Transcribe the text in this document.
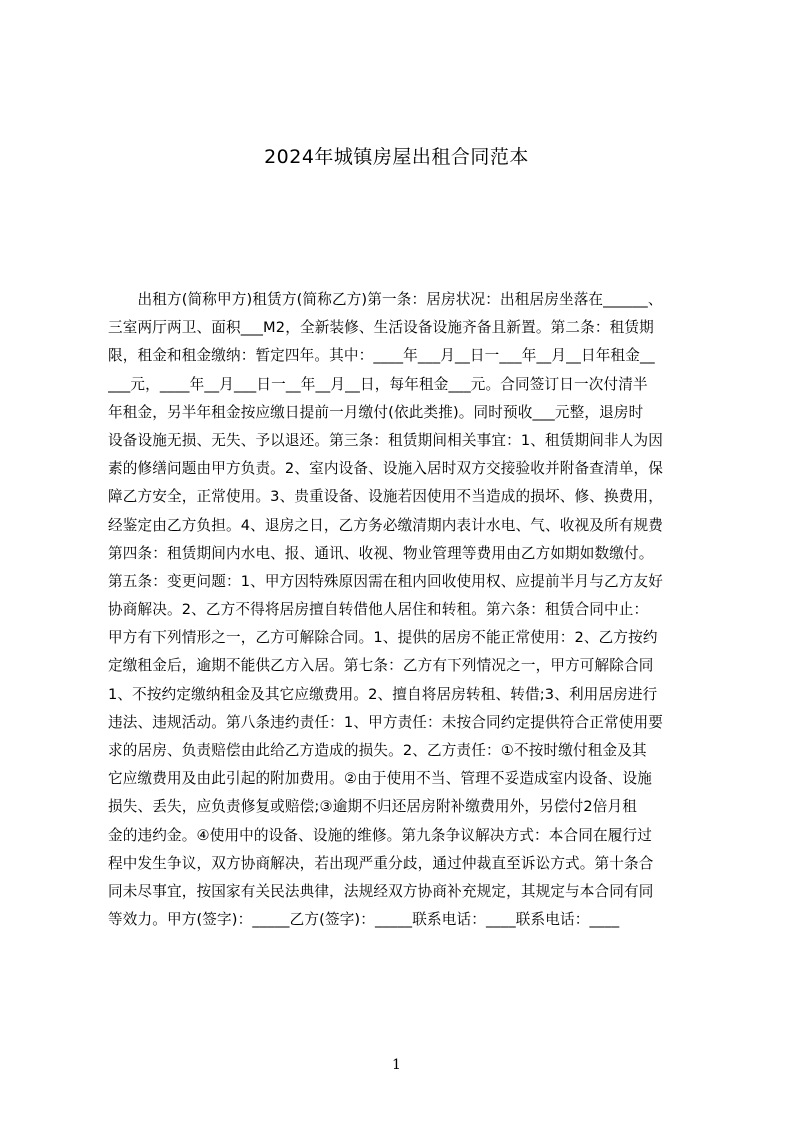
2024年城镇房屋出租合同范本
　　出租方(简称甲方)租赁方(简称乙方)第一条：居房状况：出租居房坐落在______、
三室两厅两卫、面积___M2，全新装修、生活设备设施齐备且新置。第二条：租赁期
限，租金和租金缴纳：暂定四年。其中：____年___月__日一___年__月__日年租金__
___元，____年__月___日一__年__月__日，每年租金___元。合同签订日一次付清半
年租金，另半年租金按应缴日提前一月缴付(依此类推)。同时预收___元整，退房时
设备设施无损、无失、予以退还。第三条：租赁期间相关事宜：1、租赁期间非人为因
素的修缮问题由甲方负责。2、室内设备、设施入居时双方交接验收并附备查清单，保
障乙方安全，正常使用。3、贵重设备、设施若因使用不当造成的损坏、修、换费用，
经鉴定由乙方负担。4、退房之日，乙方务必缴清期内表计水电、气、收视及所有规费
第四条：租赁期间内水电、报、通讯、收视、物业管理等费用由乙方如期如数缴付。
第五条：变更问题：1、甲方因特殊原因需在租内回收使用权、应提前半月与乙方友好
协商解决。2、乙方不得将居房擅自转借他人居住和转租。第六条：租赁合同中止：
甲方有下列情形之一，乙方可解除合同。1、提供的居房不能正常使用：2、乙方按约
定缴租金后，逾期不能供乙方入居。第七条：乙方有下列情况之一，甲方可解除合同
1、不按约定缴纳租金及其它应缴费用。2、擅自将居房转租、转借;3、利用居房进行
违法、违规活动。第八条违约责任：1、甲方责任：未按合同约定提供符合正常使用要
求的居房、负责赔偿由此给乙方造成的损失。2、乙方责任：①不按时缴付租金及其
它应缴费用及由此引起的附加费用。②由于使用不当、管理不妥造成室内设备、设施
损失、丢失，应负责修复或赔偿;③逾期不归还居房附补缴费用外，另偿付2倍月租
金的违约金。④使用中的设备、设施的维修。第九条争议解决方式：本合同在履行过
程中发生争议，双方协商解决，若出现严重分歧，通过仲裁直至诉讼方式。第十条合
同未尽事宜，按国家有关民法典律，法规经双方协商补充规定，其规定与本合同有同
等效力。甲方(签字)：_____乙方(签字)：_____联系电话：____联系电话：____
1
